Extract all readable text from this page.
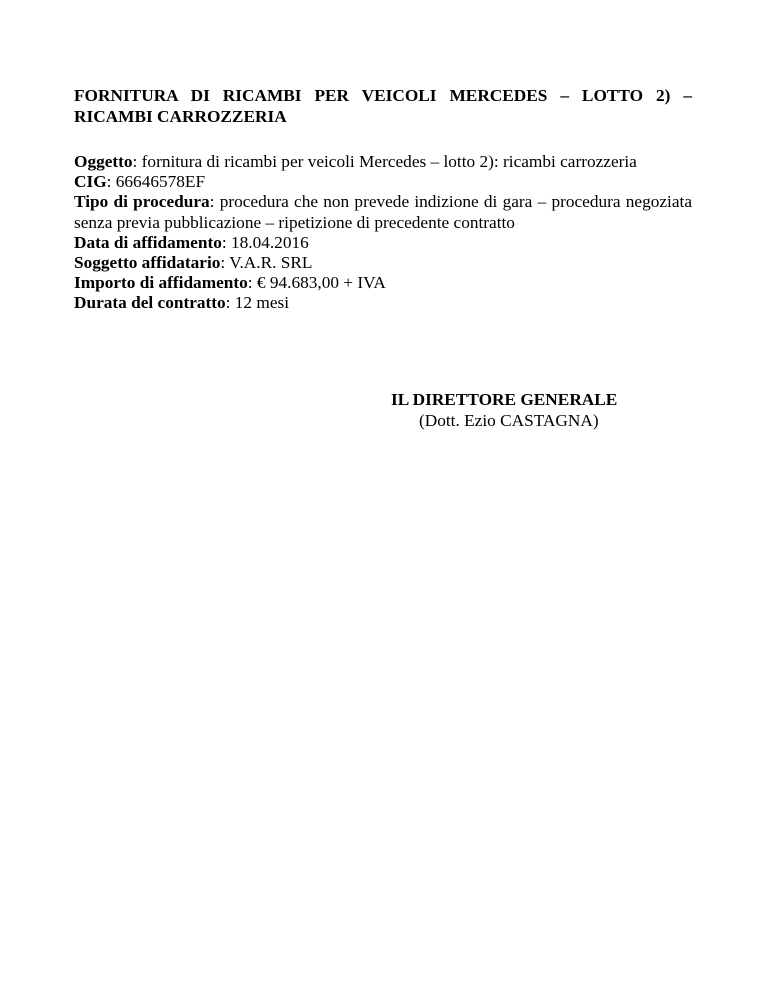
FORNITURA DI RICAMBI PER VEICOLI MERCEDES – LOTTO 2) – RICAMBI CARROZZERIA

Oggetto: fornitura di ricambi per veicoli Mercedes – lotto 2): ricambi carrozzeria

CIG: 66646578EF

Tipo di procedura: procedura che non prevede indizione di gara – procedura negoziata senza previa pubblicazione – ripetizione di precedente contratto

Data di affidamento: 18.04.2016

Soggetto affidatario: V.A.R. SRL

Importo di affidamento: € 94.683,00 + IVA

Durata del contratto: 12 mesi

IL DIRETTORE GENERALE
(Dott. Ezio CASTAGNA)
